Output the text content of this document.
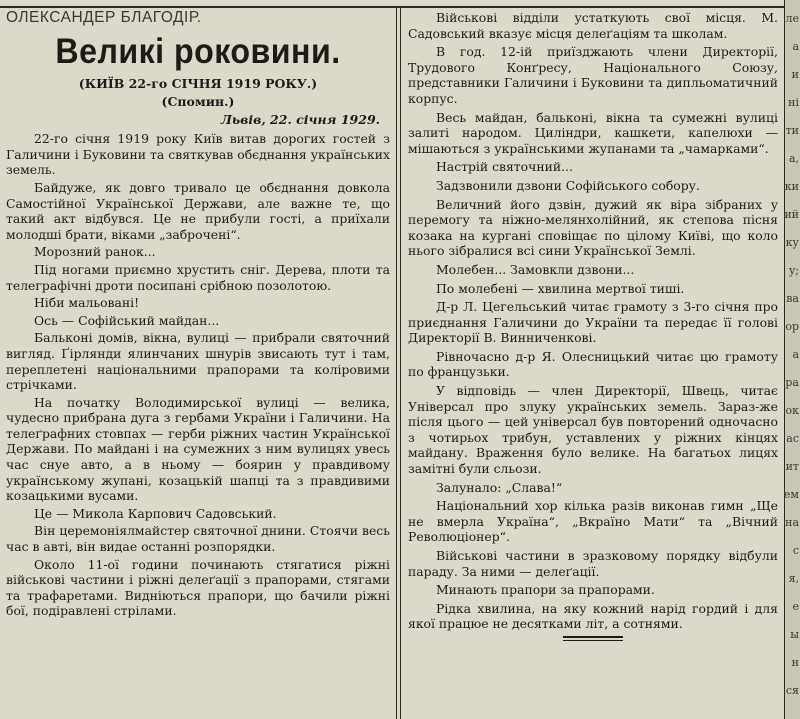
ОЛЕКСАНДЕР БЛАГОДІР.
Великі роковини.
(КИЇВ 22-го СІЧНЯ 1919 РОКУ.)
(Спомин.)
Львів, 22. січня 1929.

22-го січня 1919 року Київ витав дорогих гостей з Галичини і Буковини та святкував обєднання українських земель.

Байдуже, як довго тривало це обєднання довкола Самостійної Української Держави, але важне те, що такий акт відбувся. Це не прибули гості, а приїхали молодші брати, віками „заброчені“.

Морозний ранок...

Під ногами приємно хрустить сніг. Дерева, плоти та телеграфічні дроти посипані срібною позолотою.

Ніби мальовані!

Ось — Софійський майдан...

Бальконі домів, вікна, вулиці — прибрали святочний вигляд. Ґірлянди ялинчаних шнурів звисають тут і там, переплетені національними прапорами та коліровими стрічками.

На початку Володимирської вулиці — велика, чудесно прибрана дуга з гербами України і Галичини. На телеґрафних стовпах — герби ріжних частин Української Держави. По майдані і на сумежних з ним вулицях увесь час снуе авто, а в ньому — боярин у правдивому українському жупані, козацькій шапці та з правдивими козацькими вусами.

Це — Микола Карпович Садовський.

Він церемоніялмайстер святочної днини. Стоячи весь час в авті, він видае останні розпорядки.

Около 11-ої години починають стягатися ріжні військові частини і ріжні делеґації з прапорами, стягами та трафаретами. Видніються прапори, що бачили ріжні бої, подіравлені стрілами.

Військові відділи устаткують свої місця. М. Садовський вказує місця делеґаціям та школам.

В год. 12-ій приїзджають члени Директорії, Трудового Конґресу, Національного Союзу, представники Галичини і Буковини та дипльоматичний корпус.

Весь майдан, бальконі, вікна та сумежні вулиці залиті народом. Циліндри, кашкети, капелюхи — мішаються з українськими жупанами та „чамарками“.

Настрій святочний...

Задзвонили дзвони Софійського собору.

Величний його дзвін, дужий як віра зібраних у перемогу та ніжно-мелянхолійний, як степова пісня козака на кургані сповіщає по цілому Київі, що коло нього зібралися всі сини Української Землі.

Молебен... Замовкли дзвони...

По молебені — хвилина мертвої тиші.

Д-р Л. Цегельський читає грамоту з 3-го січня про приєднання Галичини до України та передає її голові Директорії В. Винниченкові.

Рівночасно д-р Я. Олесницький читає цю грамоту по французьки.

У відповідь — член Директорії, Швець, читає Універсал про злуку українських земель. Зараз-же після цього — цей універсал був повторений одночасно з чотирьох трибун, уставлених у ріжних кінцях майдану. Враження було велике. На багатьох лицях замітні були сльози.

Залунало: „Слава!“

Національний хор кілька разів виконав гимн „Ще не вмерла Україна“, „Вкраїно Мати“ та „Вічний Революціонер“.

Військові частини в зразковому порядку відбули параду. За ними — делеґації.

Минають прапори за прапорами.

Рідка хвилина, на яку кожний нарід гордий і для якої працюе не десятками літ, а сотнями.

ле
а
и
ні
ти
а,
ки
ий
ку
у;
ва
ор
а
ра
ок
ас
ит
ем
на
с
я,
е
ы
н
ся
